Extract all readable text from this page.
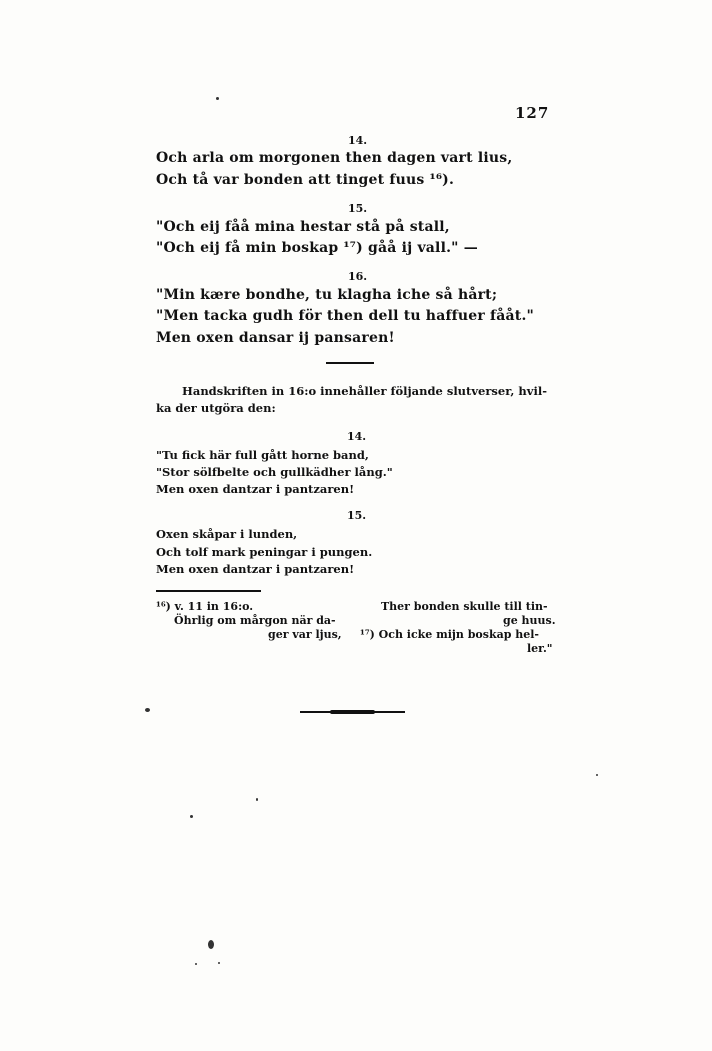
127
14.
Och arla om morgonen then dagen vart lius,
Och tå var bonden att tinget fuus ¹⁶).
15.
"Och eij fåå mina hestar stå på stall,
"Och eij få min boskap ¹⁷) gåå ij vall." —
16.
"Min kære bondhe, tu klagha iche så hårt;
"Men tacka gudh för then dell tu haffuer fååt."
Men oxen dansar ij pansaren!
Handskriften in 16:o innehåller följande slutverser, hvil-
ka der utgöra den:
14.
"Tu fick här full gått horne band,
"Stor sölfbelte och gullkädher lång."
Men oxen dantzar i pantzaren!
15.
Oxen skåpar i lunden,
Och tolf mark peningar i pungen.
Men oxen dantzar i pantzaren!
¹⁶) v. 11 in 16:o.
Öhrlig om mårgon när da-
ger var ljus,
Ther bonden skulle till tin-
ge huus.
¹⁷) Och icke mijn boskap hel-
ler."
